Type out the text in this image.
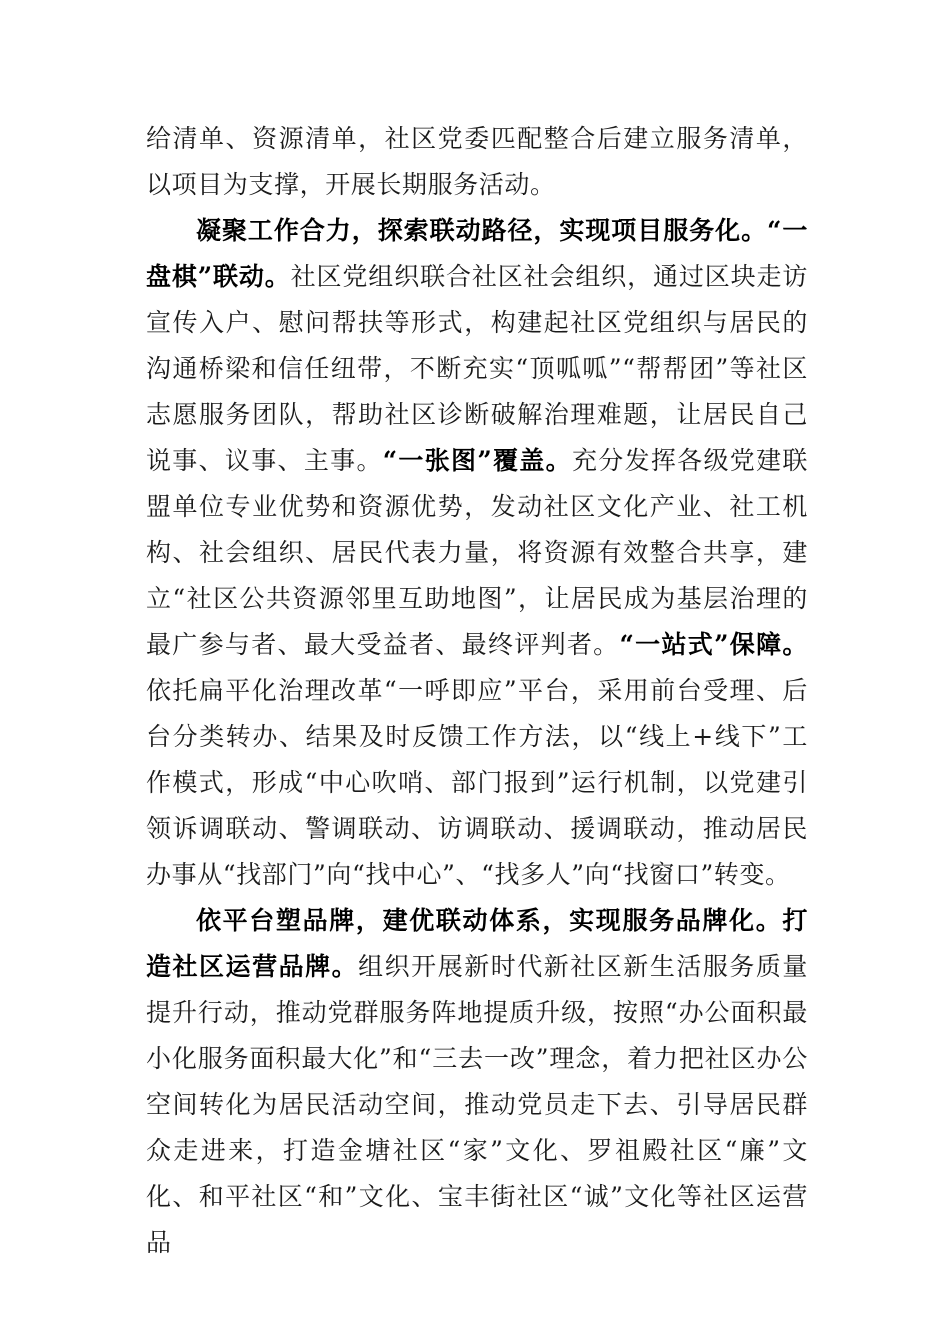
给清单、资源清单，社区党委匹配整合后建立服务清单，以项目为支撑，开展长期服务活动。

凝聚工作合力，探索联动路径，实现项目服务化。“一盘棋”联动。社区党组织联合社区社会组织，通过区块走访宣传入户、慰问帮扶等形式，构建起社区党组织与居民的沟通桥梁和信任纽带，不断充实“顶呱呱”“帮帮团”等社区志愿服务团队，帮助社区诊断破解治理难题，让居民自己说事、议事、主事。“一张图”覆盖。充分发挥各级党建联盟单位专业优势和资源优势，发动社区文化产业、社工机构、社会组织、居民代表力量，将资源有效整合共享，建立“社区公共资源邻里互助地图”，让居民成为基层治理的最广参与者、最大受益者、最终评判者。“一站式”保障。依托扁平化治理改革“一呼即应”平台，采用前台受理、后台分类转办、结果及时反馈工作方法，以“线上+线下”工作模式，形成“中心吹哨、部门报到”运行机制，以党建引领诉调联动、警调联动、访调联动、援调联动，推动居民办事从“找部门”向“找中心”、“找多人”向“找窗口”转变。

依平台塑品牌，建优联动体系，实现服务品牌化。打造社区运营品牌。组织开展新时代新社区新生活服务质量提升行动，推动党群服务阵地提质升级，按照“办公面积最小化服务面积最大化”和“三去一改”理念，着力把社区办公空间转化为居民活动空间，推动党员走下去、引导居民群众走进来，打造金塘社区“家”文化、罗祖殿社区“廉”文化、和平社区“和”文化、宝丰街社区“诚”文化等社区运营品
